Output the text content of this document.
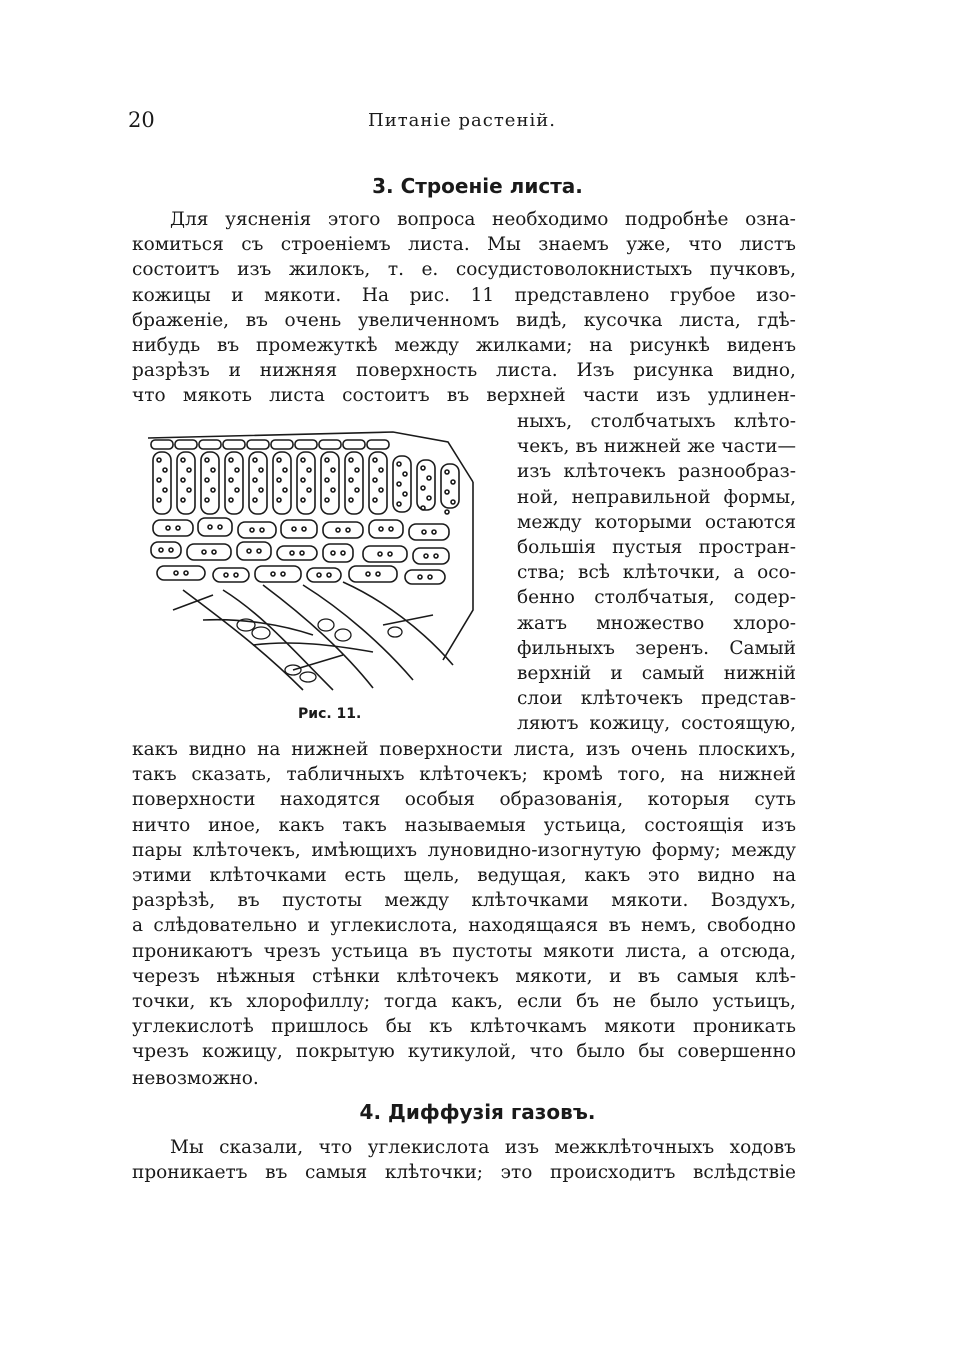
20	Питаніе растеній.
3. Строеніе листа.
Для уясненія этого вопроса необходимо подробнѣе озна-
комиться съ строеніемъ листа. Мы знаемъ уже, что листъ
состоитъ изъ жилокъ, т. е. сосудистоволокнистыхъ пучковъ,
кожицы и мякоти. На рис. 11 представлено грубое изо-
браженіе, въ очень увеличенномъ видѣ, кусочка листа, гдѣ-
нибудь въ промежуткѣ между жилками; на рисункѣ виденъ
разрѣзъ и нижняя поверхность листа. Изъ рисунка видно,
что мякоть листа состоитъ въ верхней части изъ удлинен-
Рис. 11.
ныхъ, столбчатыхъ клѣто-
чекъ, въ нижней же части—
изъ клѣточекъ разнообраз-
ной, неправильной формы,
между которыми остаются
большія пустыя простран-
ства; всѣ клѣточки, а осо-
бенно столбчатыя, содер-
жатъ множество хлоро-
фильныхъ зеренъ. Самый
верхній и самый нижній
слои клѣточекъ представ-
ляютъ кожицу, состоящую,
какъ видно на нижней поверхности листа, изъ очень плоскихъ,
такъ сказать, табличныхъ клѣточекъ; кромѣ того, на нижней
поверхности находятся особыя образованія, которыя суть
ничто иное, какъ такъ называемыя устьица, состоящія изъ
пары клѣточекъ, имѣющихъ луновидно-изогнутую форму; между
этими клѣточками есть щель, ведущая, какъ это видно на
разрѣзѣ, въ пустоты между клѣточками мякоти. Воздухъ,
а слѣдовательно и углекислота, находящаяся въ немъ, свободно
проникаютъ чрезъ устьица въ пустоты мякоти листа, а отсюда,
черезъ нѣжныя стѣнки клѣточекъ мякоти, и въ самыя клѣ-
точки, къ хлорофиллу; тогда какъ, если бъ не было устьицъ,
углекислотѣ пришлось бы къ клѣточкамъ мякоти проникать
чрезъ кожицу, покрытую кутикулой, что было бы совершенно
невозможно.
4. Диффузія газовъ.
Мы сказали, что углекислота изъ межклѣточныхъ ходовъ
проникаетъ въ самыя клѣточки; это происходитъ вслѣдствіе
